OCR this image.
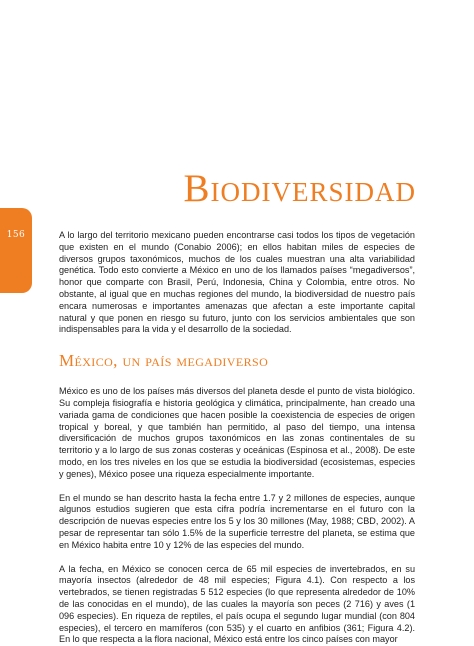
156
Biodiversidad

A lo largo del territorio mexicano pueden encontrarse casi todos los tipos de vegetación que existen en el mundo (Conabio 2006); en ellos habitan miles de especies de diversos grupos taxonómicos, muchos de los cuales muestran una alta variabilidad genética. Todo esto convierte a México en uno de los llamados países “megadiversos”, honor que comparte con Brasil, Perú, Indonesia, China y Colombia, entre otros. No obstante, al igual que en muchas regiones del mundo, la biodiversidad de nuestro país encara numerosas e importantes amenazas que afectan a este importante capital natural y que ponen en riesgo su futuro, junto con los servicios ambientales que son indispensables para la vida y el desarrollo de la sociedad.

México, un país megadiverso

México es uno de los países más diversos del planeta desde el punto de vista biológico. Su compleja fisiografía e historia geológica y climática, principalmente, han creado una variada gama de condiciones que hacen posible la coexistencia de especies de origen tropical y boreal, y que también han permitido, al paso del tiempo, una intensa diversificación de muchos grupos taxonómicos en las zonas continentales de su territorio y a lo largo de sus zonas costeras y oceánicas (Espinosa et al., 2008). De este modo, en los tres niveles en los que se estudia la biodiversidad (ecosistemas, especies y genes), México posee una riqueza especialmente importante.

En el mundo se han descrito hasta la fecha entre 1.7 y 2 millones de especies, aunque algunos estudios sugieren que esta cifra podría incrementarse en el futuro con la descripción de nuevas especies entre los 5 y los 30 millones (May, 1988; CBD, 2002). A pesar de representar tan sólo 1.5% de la superficie terrestre del planeta, se estima que en México habita entre 10 y 12% de las especies del mundo.

A la fecha, en México se conocen cerca de 65 mil especies de invertebrados, en su mayoría insectos (alrededor de 48 mil especies; Figura 4.1). Con respecto a los vertebrados, se tienen registradas 5 512 especies (lo que representa alrededor de 10% de las conocidas en el mundo), de las cuales la mayoría son peces (2 716) y aves (1 096 especies). En riqueza de reptiles, el país ocupa el segundo lugar mundial (con 804 especies), el tercero en mamíferos (con 535) y el cuarto en anfibios (361; Figura 4.2). En lo que respecta a la flora nacional, México está entre los cinco países con mayor
